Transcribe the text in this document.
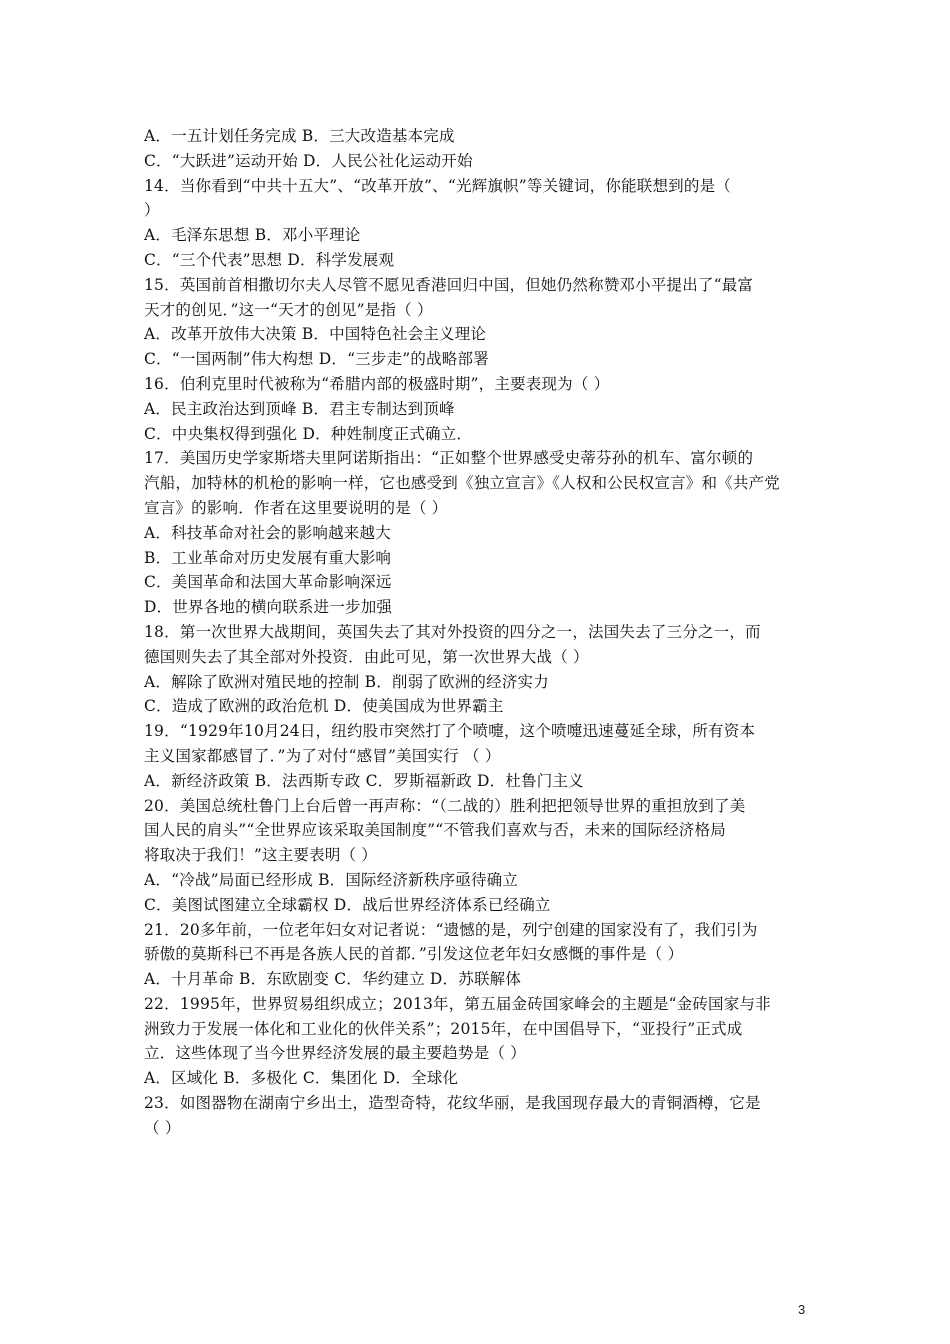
A．一五计划任务完成 B．三大改造基本完成
C．“大跃进”运动开始 D．人民公社化运动开始
14．当你看到“中共十五大”、“改革开放”、“光辉旗帜”等关键词，你能联想到的是（
）
A．毛泽东思想 B．邓小平理论
C．“三个代表”思想 D．科学发展观
15．英国前首相撒切尔夫人尽管不愿见香港回归中国，但她仍然称赞邓小平提出了“最富
天才的创见．”这一“天才的创见”是指（ ）
A．改革开放伟大决策 B．中国特色社会主义理论
C．“一国两制”伟大构想 D．“三步走”的战略部署
16．伯利克里时代被称为“希腊内部的极盛时期”，主要表现为（ ）
A．民主政治达到顶峰 B．君主专制达到顶峰
C．中央集权得到强化 D．种姓制度正式确立．
17．美国历史学家斯塔夫里阿诺斯指出：“正如整个世界感受史蒂芬孙的机车、富尔顿的
汽船，加特林的机枪的影响一样，它也感受到《独立宣言》《人权和公民权宣言》和《共产党
宣言》的影响．作者在这里要说明的是（ ）
A．科技革命对社会的影响越来越大
B．工业革命对历史发展有重大影响
C．美国革命和法国大革命影响深远
D．世界各地的横向联系进一步加强
18．第一次世界大战期间，英国失去了其对外投资的四分之一，法国失去了三分之一，而
德国则失去了其全部对外投资．由此可见，第一次世界大战（ ）
A．解除了欧洲对殖民地的控制 B．削弱了欧洲的经济实力
C．造成了欧洲的政治危机 D．使美国成为世界霸主
19．“1929年10月24日，纽约股市突然打了个喷嚏，这个喷嚏迅速蔓延全球，所有资本
主义国家都感冒了．”为了对付“感冒”美国实行 （ ）
A．新经济政策 B．法西斯专政 C．罗斯福新政 D．杜鲁门主义
20．美国总统杜鲁门上台后曾一再声称：“（二战的）胜利把把领导世界的重担放到了美
国人民的肩头”“全世界应该采取美国制度”“不管我们喜欢与否，未来的国际经济格局
将取决于我们！”这主要表明（ ）
A．“冷战”局面已经形成 B．国际经济新秩序亟待确立
C．美图试图建立全球霸权 D．战后世界经济体系已经确立
21．20多年前，一位老年妇女对记者说：“遗憾的是，列宁创建的国家没有了，我们引为
骄傲的莫斯科已不再是各族人民的首都．”引发这位老年妇女感慨的事件是（ ）
A．十月革命 B．东欧剧变 C．华约建立 D．苏联解体
22．1995年，世界贸易组织成立；2013年，第五届金砖国家峰会的主题是“金砖国家与非
洲致力于发展一体化和工业化的伙伴关系”；2015年，在中国倡导下，“亚投行”正式成
立．这些体现了当今世界经济发展的最主要趋势是（ ）
A．区域化 B．多极化 C．集团化 D．全球化
23．如图器物在湖南宁乡出土，造型奇特，花纹华丽，是我国现存最大的青铜酒樽，它是
（ ）
3
